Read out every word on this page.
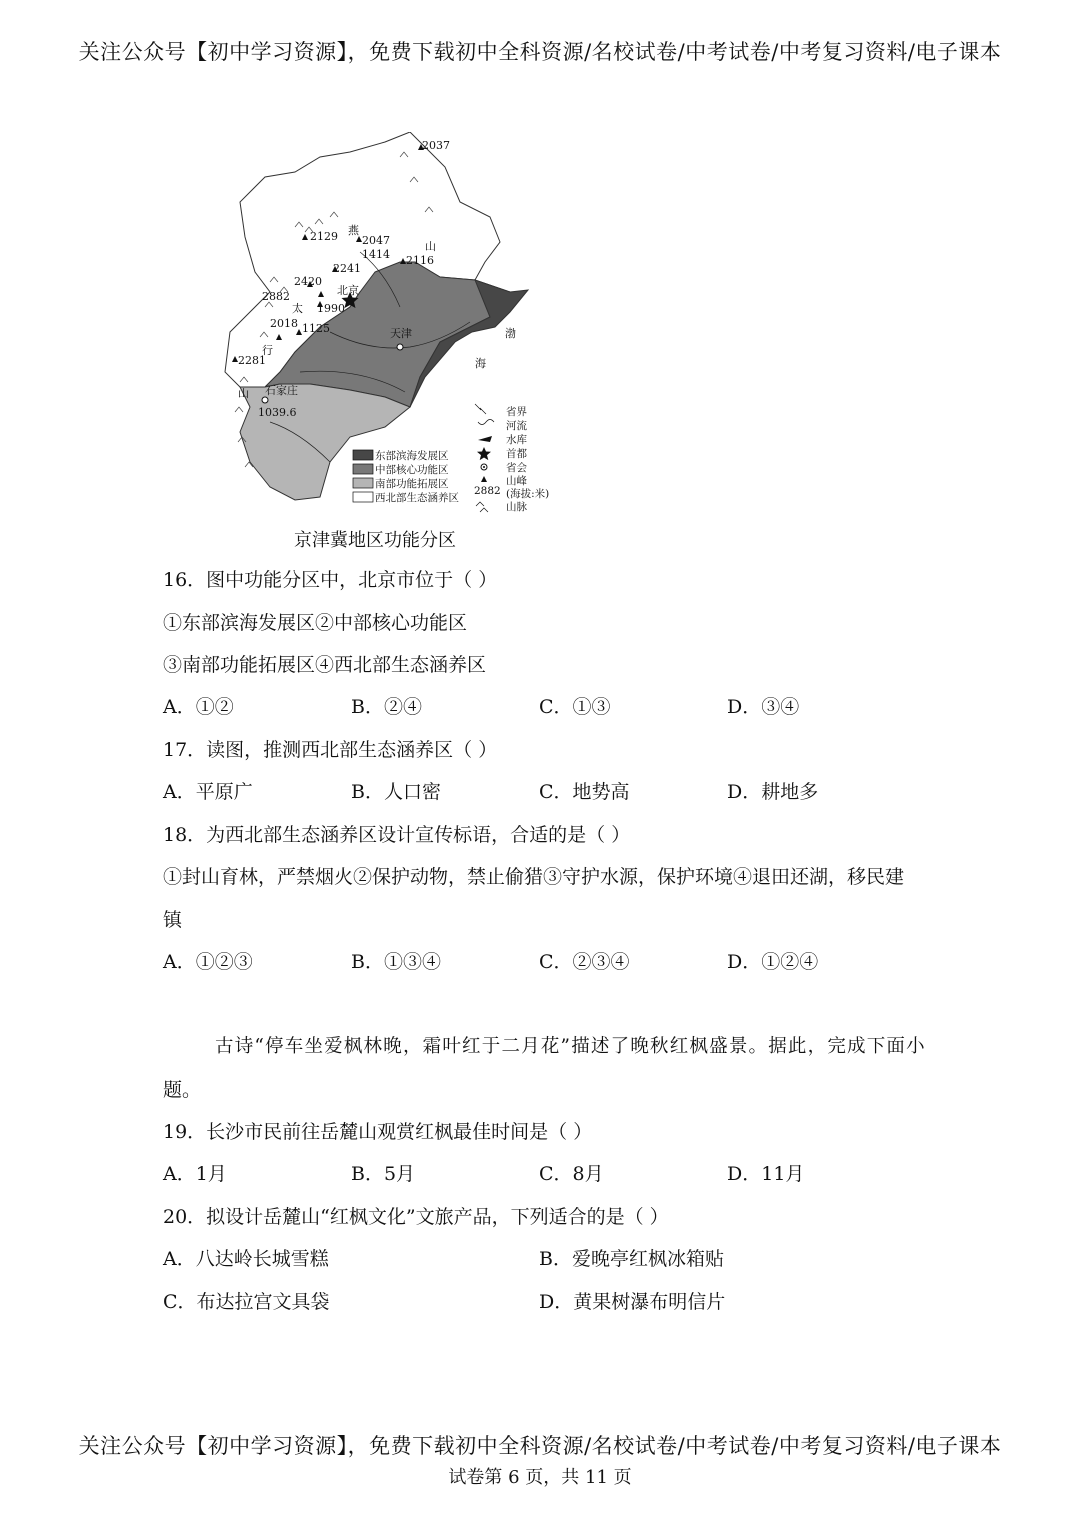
关注公众号【初中学习资源】，免费下载初中全科资源/名校试卷/中考试卷/中考复习资料/电子课本
2037
2129 2047
1414 2116
2241
2420
2882
1990
2018 1125
2281
1039.6
燕
山
太
行
山
北京
天津
石家庄
渤
海
东部滨海发展区
中部核心功能区
南部功能拓展区
西北部生态涵养区
省界
河流
水库
首都
省会
2882
山峰
(海拔:米)
山脉
京津冀地区功能分区
16．图中功能分区中，北京市位于（ ）
①东部滨海发展区②中部核心功能区
③南部功能拓展区④西北部生态涵养区
A．①②	B．②④	C．①③	D．③④
17．读图，推测西北部生态涵养区（ ）
A．平原广	B．人口密	C．地势高	D．耕地多
18．为西北部生态涵养区设计宣传标语，合适的是（ ）
①封山育林，严禁烟火②保护动物，禁止偷猎③守护水源，保护环境④退田还湖，移民建
镇
A．①②③	B．①③④	C．②③④	D．①②④
古诗“停车坐爱枫林晚，霜叶红于二月花”描述了晚秋红枫盛景。据此，完成下面小
题。
19．长沙市民前往岳麓山观赏红枫最佳时间是（ ）
A．1月	B．5月	C．8月	D．11月
20．拟设计岳麓山“红枫文化”文旅产品，下列适合的是（ ）
A．八达岭长城雪糕	B．爱晚亭红枫冰箱贴
C．布达拉宫文具袋	D．黄果树瀑布明信片
关注公众号【初中学习资源】，免费下载初中全科资源/名校试卷/中考试卷/中考复习资料/电子课本
试卷第 6 页，共 11 页
